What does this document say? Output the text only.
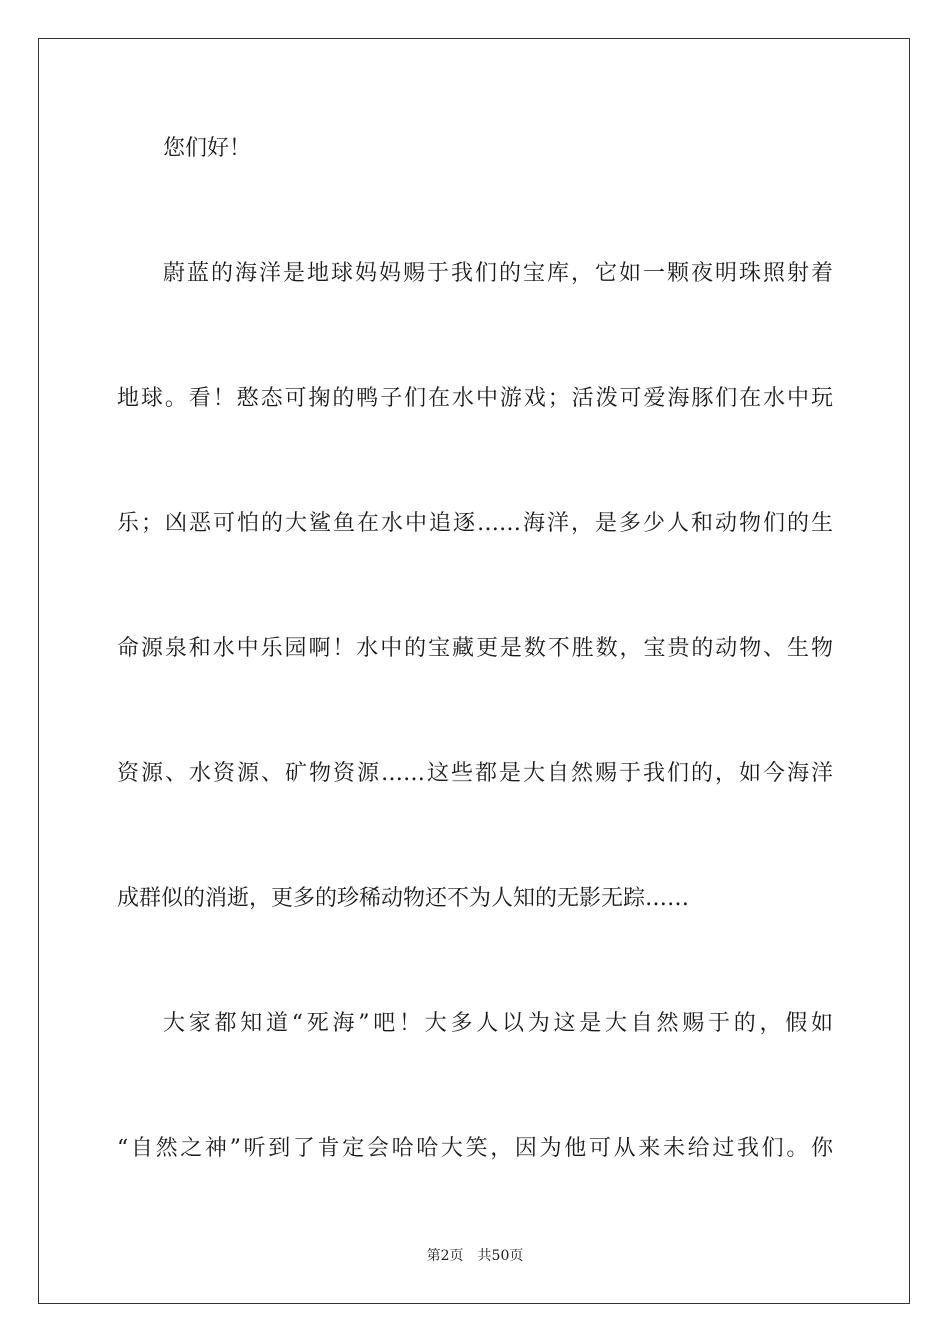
您们好！
蔚蓝的海洋是地球妈妈赐于我们的宝库，它如一颗夜明珠照射着
地球。看！憨态可掬的鸭子们在水中游戏；活泼可爱海豚们在水中玩
乐；凶恶可怕的大鲨鱼在水中追逐……海洋，是多少人和动物们的生
命源泉和水中乐园啊！水中的宝藏更是数不胜数，宝贵的动物、生物
资源、水资源、矿物资源……这些都是大自然赐于我们的，如今海洋
成群似的消逝，更多的珍稀动物还不为人知的无影无踪……
大家都知道“死海”吧！大多人以为这是大自然赐于的，假如
“自然之神”听到了肯定会哈哈大笑，因为他可从来未给过我们。你
第2页 共50页
